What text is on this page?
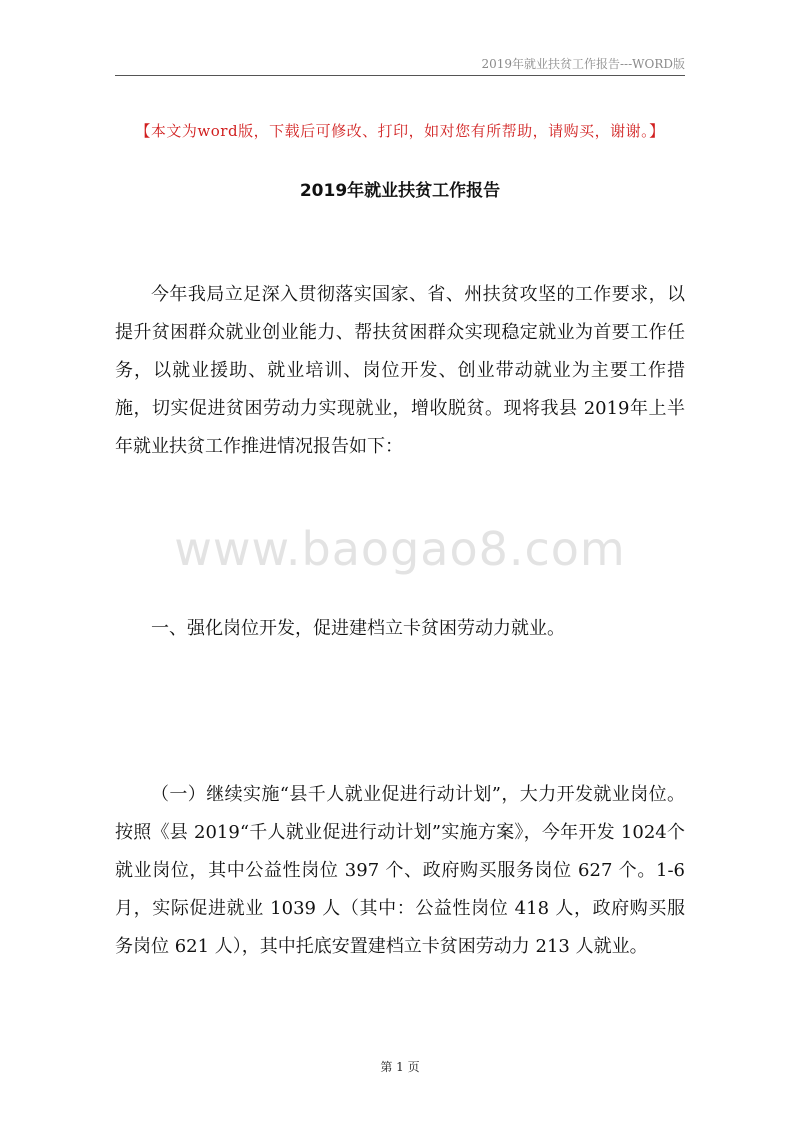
2019年就业扶贫工作报告---WORD版
【本文为word版，下载后可修改、打印，如对您有所帮助，请购买，谢谢。】
2019年就业扶贫工作报告

今年我局立足深入贯彻落实国家、省、州扶贫攻坚的工作要求，以提升贫困群众就业创业能力、帮扶贫困群众实现稳定就业为首要工作任务，以就业援助、就业培训、岗位开发、创业带动就业为主要工作措施，切实促进贫困劳动力实现就业，增收脱贫。现将我县 2019年上半年就业扶贫工作推进情况报告如下：

www.baogao8.com

一、强化岗位开发，促进建档立卡贫困劳动力就业。

（一）继续实施“县千人就业促进行动计划”，大力开发就业岗位。按照《县 2019“千人就业促进行动计划”实施方案》，今年开发 1024个就业岗位，其中公益性岗位 397 个、政府购买服务岗位 627 个。1-6月，实际促进就业 1039 人（其中：公益性岗位 418 人，政府购买服务岗位 621 人），其中托底安置建档立卡贫困劳动力 213 人就业。

第 1 页
